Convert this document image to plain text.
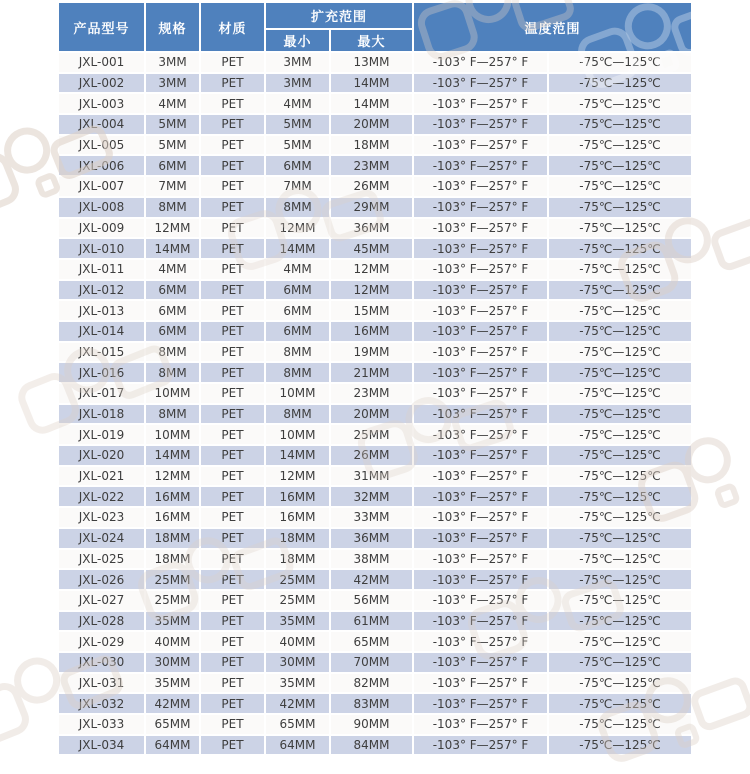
产品型号	规格	材质	扩充范围		温度范围	
			最小	最大		
JXL-001	3MM	PET	3MM	13MM	-103° F—257° F	-75℃—125℃
JXL-002	3MM	PET	3MM	14MM	-103° F—257° F	-75℃—125℃
JXL-003	4MM	PET	4MM	14MM	-103° F—257° F	-75℃—125℃
JXL-004	5MM	PET	5MM	20MM	-103° F—257° F	-75℃—125℃
JXL-005	5MM	PET	5MM	18MM	-103° F—257° F	-75℃—125℃
JXL-006	6MM	PET	6MM	23MM	-103° F—257° F	-75℃—125℃
JXL-007	7MM	PET	7MM	26MM	-103° F—257° F	-75℃—125℃
JXL-008	8MM	PET	8MM	29MM	-103° F—257° F	-75℃—125℃
JXL-009	12MM	PET	12MM	36MM	-103° F—257° F	-75℃—125℃
JXL-010	14MM	PET	14MM	45MM	-103° F—257° F	-75℃—125℃
JXL-011	4MM	PET	4MM	12MM	-103° F—257° F	-75℃—125℃
JXL-012	6MM	PET	6MM	12MM	-103° F—257° F	-75℃—125℃
JXL-013	6MM	PET	6MM	15MM	-103° F—257° F	-75℃—125℃
JXL-014	6MM	PET	6MM	16MM	-103° F—257° F	-75℃—125℃
JXL-015	8MM	PET	8MM	19MM	-103° F—257° F	-75℃—125℃
JXL-016	8MM	PET	8MM	21MM	-103° F—257° F	-75℃—125℃
JXL-017	10MM	PET	10MM	23MM	-103° F—257° F	-75℃—125℃
JXL-018	8MM	PET	8MM	20MM	-103° F—257° F	-75℃—125℃
JXL-019	10MM	PET	10MM	25MM	-103° F—257° F	-75℃—125℃
JXL-020	14MM	PET	14MM	26MM	-103° F—257° F	-75℃—125℃
JXL-021	12MM	PET	12MM	31MM	-103° F—257° F	-75℃—125℃
JXL-022	16MM	PET	16MM	32MM	-103° F—257° F	-75℃—125℃
JXL-023	16MM	PET	16MM	33MM	-103° F—257° F	-75℃—125℃
JXL-024	18MM	PET	18MM	36MM	-103° F—257° F	-75℃—125℃
JXL-025	18MM	PET	18MM	38MM	-103° F—257° F	-75℃—125℃
JXL-026	25MM	PET	25MM	42MM	-103° F—257° F	-75℃—125℃
JXL-027	25MM	PET	25MM	56MM	-103° F—257° F	-75℃—125℃
JXL-028	35MM	PET	35MM	61MM	-103° F—257° F	-75℃—125℃
JXL-029	40MM	PET	40MM	65MM	-103° F—257° F	-75℃—125℃
JXL-030	30MM	PET	30MM	70MM	-103° F—257° F	-75℃—125℃
JXL-031	35MM	PET	35MM	82MM	-103° F—257° F	-75℃—125℃
JXL-032	42MM	PET	42MM	83MM	-103° F—257° F	-75℃—125℃
JXL-033	65MM	PET	65MM	90MM	-103° F—257° F	-75℃—125℃
JXL-034	64MM	PET	64MM	84MM	-103° F—257° F	-75℃—125℃
